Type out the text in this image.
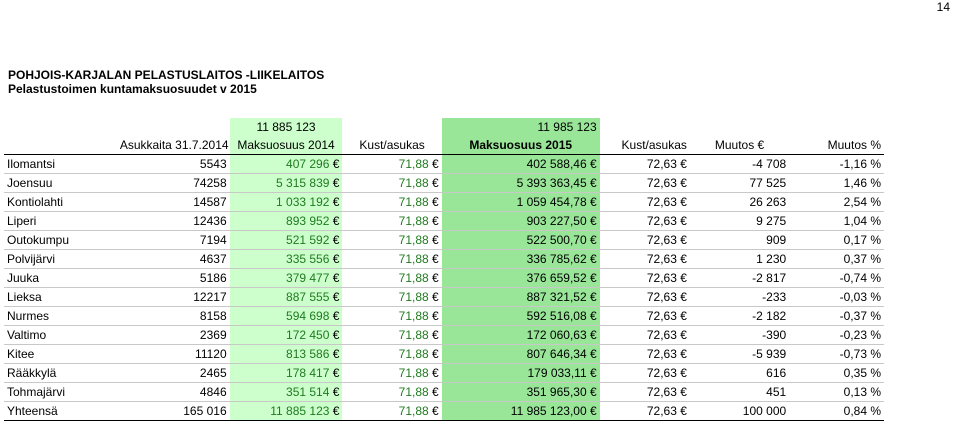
14
POHJOIS-KARJALAN PELASTUSLAITOS -LIIKELAITOS
Pelastustoimen kuntamaksuosuudet v 2015
		11 885 123		11 985 123			
	Asukkaita 31.7.2014	Maksuosuus 2014	Kust/asukas	Maksuosuus 2015	Kust/asukas	Muutos €	Muutos %
Ilomantsi	5543	407 296 €	71,88 €	402 588,46 €	72,63 €	-4 708	-1,16 %
Joensuu	74258	5 315 839 €	71,88 €	5 393 363,45 €	72,63 €	77 525	1,46 %
Kontiolahti	14587	1 033 192 €	71,88 €	1 059 454,78 €	72,63 €	26 263	2,54 %
Liperi	12436	893 952 €	71,88 €	903 227,50 €	72,63 €	9 275	1,04 %
Outokumpu	7194	521 592 €	71,88 €	522 500,70 €	72,63 €	909	0,17 %
Polvijärvi	4637	335 556 €	71,88 €	336 785,62 €	72,63 €	1 230	0,37 %
Juuka	5186	379 477 €	71,88 €	376 659,52 €	72,63 €	-2 817	-0,74 %
Lieksa	12217	887 555 €	71,88 €	887 321,52 €	72,63 €	-233	-0,03 %
Nurmes	8158	594 698 €	71,88 €	592 516,08 €	72,63 €	-2 182	-0,37 %
Valtimo	2369	172 450 €	71,88 €	172 060,63 €	72,63 €	-390	-0,23 %
Kitee	11120	813 586 €	71,88 €	807 646,34 €	72,63 €	-5 939	-0,73 %
Rääkkylä	2465	178 417 €	71,88 €	179 033,11 €	72,63 €	616	0,35 %
Tohmajärvi	4846	351 514 €	71,88 €	351 965,30 €	72,63 €	451	0,13 %
Yhteensä	165 016	11 885 123 €	71,88 €	11 985 123,00 €	72,63 €	100 000	0,84 %
